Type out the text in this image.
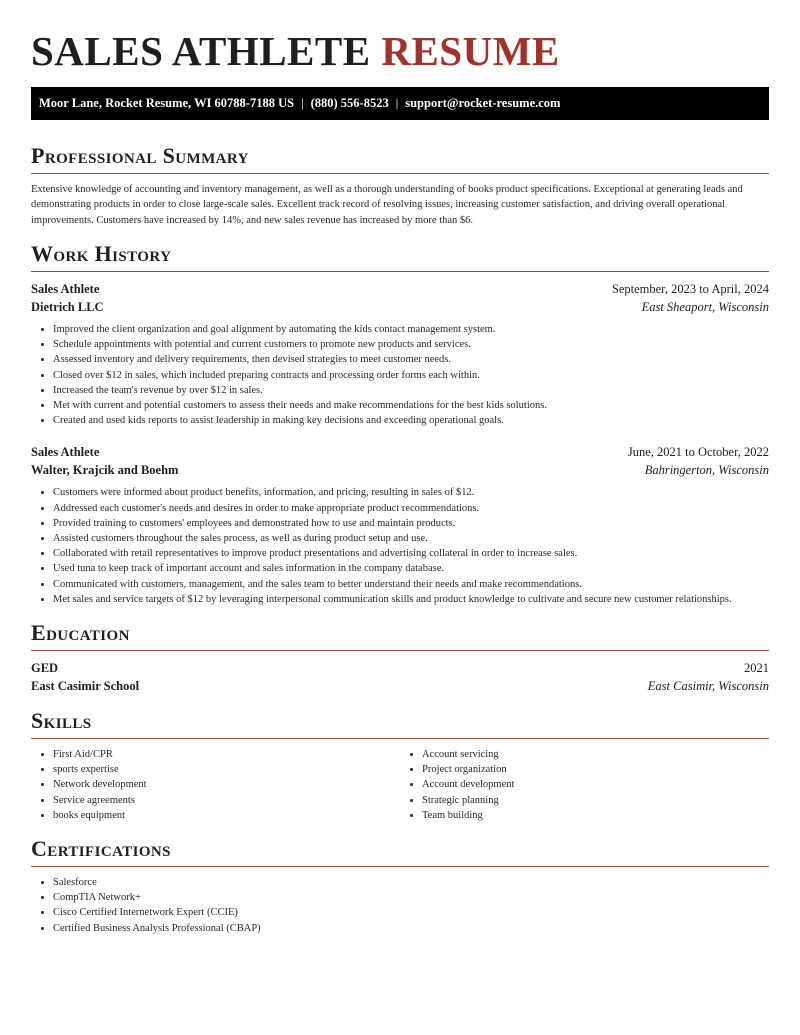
SALES ATHLETE RESUME
Moor Lane, Rocket Resume, WI 60788-7188 US | (880) 556-8523 | support@rocket-resume.com
Professional Summary

Extensive knowledge of accounting and inventory management, as well as a thorough understanding of books product specifications. Exceptional at generating leads and demonstrating products in order to close large-scale sales. Excellent track record of resolving issues, increasing customer satisfaction, and driving overall operational improvements. Customers have increased by 14%, and new sales revenue has increased by more than $6.

Work History
Sales Athlete	September, 2023 to April, 2024
Dietrich LLC	East Sheaport, Wisconsin
• Improved the client organization and goal alignment by automating the kids contact management system.
• Schedule appointments with potential and current customers to promote new products and services.
• Assessed inventory and delivery requirements, then devised strategies to meet customer needs.
• Closed over $12 in sales, which included preparing contracts and processing order forms each within.
• Increased the team's revenue by over $12 in sales.
• Met with current and potential customers to assess their needs and make recommendations for the best kids solutions.
• Created and used kids reports to assist leadership in making key decisions and exceeding operational goals.
Sales Athlete	June, 2021 to October, 2022
Walter, Krajcik and Boehm	Bahringerton, Wisconsin
• Customers were informed about product benefits, information, and pricing, resulting in sales of $12.
• Addressed each customer's needs and desires in order to make appropriate product recommendations.
• Provided training to customers' employees and demonstrated how to use and maintain products.
• Assisted customers throughout the sales process, as well as during product setup and use.
• Collaborated with retail representatives to improve product presentations and advertising collateral in order to increase sales.
• Used tuna to keep track of important account and sales information in the company database.
• Communicated with customers, management, and the sales team to better understand their needs and make recommendations.
• Met sales and service targets of $12 by leveraging interpersonal communication skills and product knowledge to cultivate and secure new customer relationships.
Education
GED	2021
East Casimir School	East Casimir, Wisconsin
Skills
• First Aid/CPR
• sports expertise
• Network development
• Service agreements
• books equipment
• Account servicing
• Project organization
• Account development
• Strategic planning
• Team building
Certifications
• Salesforce
• CompTIA Network+
• Cisco Certified Internetwork Expert (CCIE)
• Certified Business Analysis Professional (CBAP)
